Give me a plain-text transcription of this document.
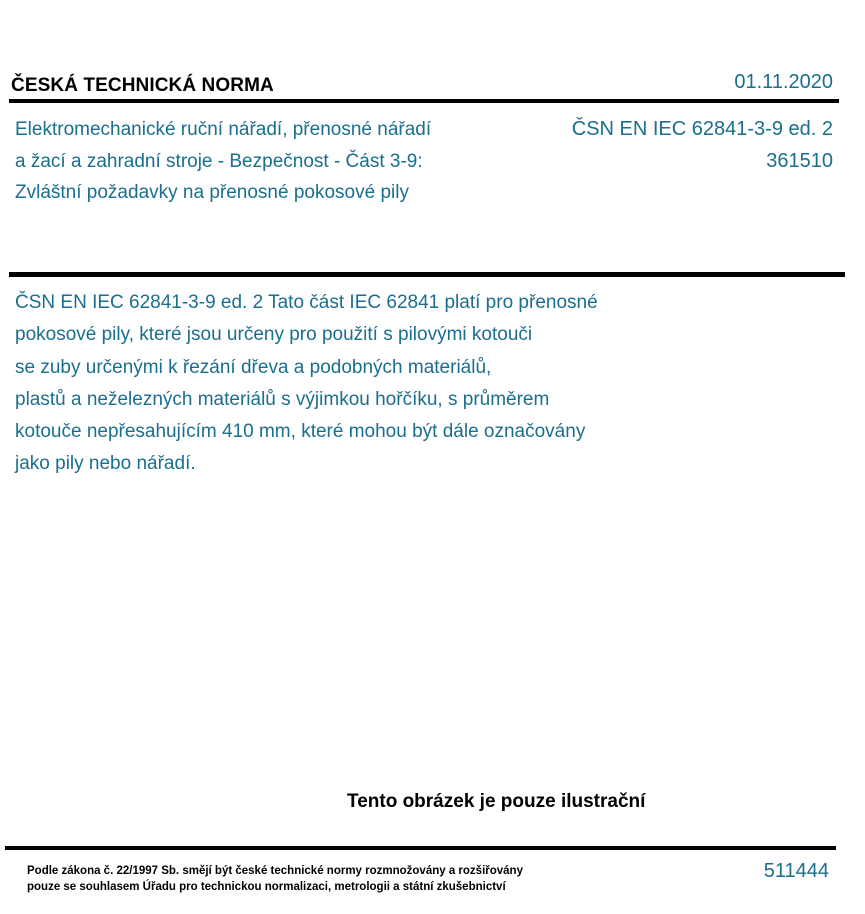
ČESKÁ TECHNICKÁ NORMA	01.11.2020
Elektromechanické ruční nářadí, přenosné nářadí
a žací a zahradní stroje - Bezpečnost - Část 3-9:
Zvláštní požadavky na přenosné pokosové pily
ČSN EN IEC 62841-3-9 ed. 2
361510
ČSN EN IEC 62841-3-9 ed. 2 Tato část IEC 62841 platí pro přenosné
pokosové pily, které jsou určeny pro použití s pilovými kotouči
se zuby určenými k řezání dřeva a podobných materiálů,
plastů a neželezných materiálů s výjimkou hořčíku, s průměrem
kotouče nepřesahujícím 410 mm, které mohou být dále označovány
jako pily nebo nářadí.
Tento obrázek je pouze ilustrační
Podle zákona č. 22/1997 Sb. smějí být české technické normy rozmnožovány a rozšiřovány
pouze se souhlasem Úřadu pro technickou normalizaci, metrologii a státní zkušebnictví
511444
